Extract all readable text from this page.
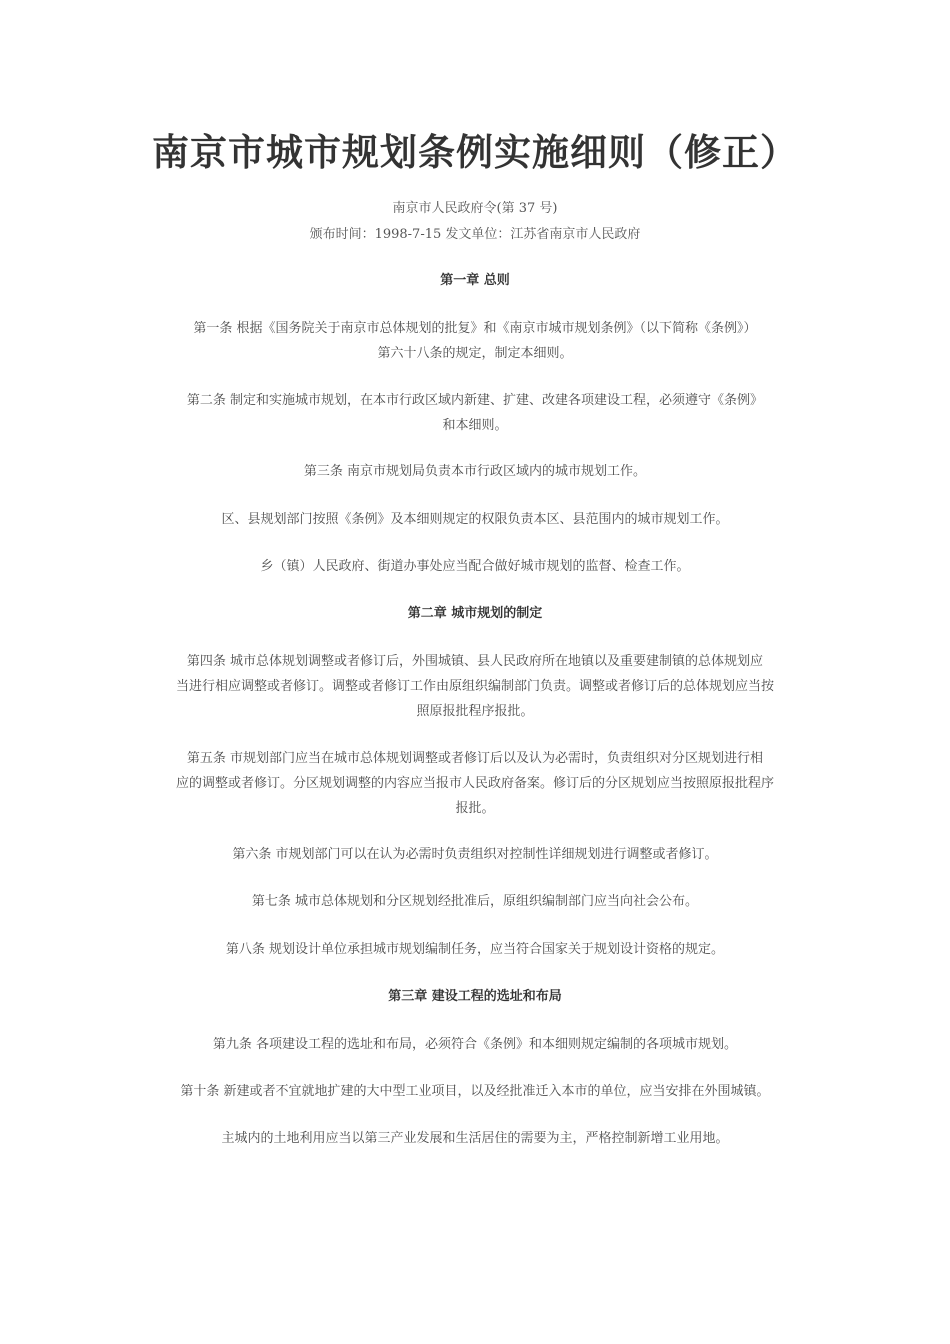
南京市城市规划条例实施细则（修正）
南京市人民政府令(第 37 号)
颁布时间：1998-7-15 发文单位：江苏省南京市人民政府
第一章 总则
第一条 根据《国务院关于南京市总体规划的批复》和《南京市城市规划条例》（以下简称《条例》）
第六十八条的规定，制定本细则。
第二条 制定和实施城市规划，在本市行政区域内新建、扩建、改建各项建设工程，必须遵守《条例》
和本细则。
第三条 南京市规划局负责本市行政区域内的城市规划工作。
区、县规划部门按照《条例》及本细则规定的权限负责本区、县范围内的城市规划工作。
乡（镇）人民政府、街道办事处应当配合做好城市规划的监督、检查工作。
第二章 城市规划的制定
第四条 城市总体规划调整或者修订后，外围城镇、县人民政府所在地镇以及重要建制镇的总体规划应
当进行相应调整或者修订。调整或者修订工作由原组织编制部门负责。调整或者修订后的总体规划应当按
照原报批程序报批。
第五条 市规划部门应当在城市总体规划调整或者修订后以及认为必需时，负责组织对分区规划进行相
应的调整或者修订。分区规划调整的内容应当报市人民政府备案。修订后的分区规划应当按照原报批程序
报批。
第六条 市规划部门可以在认为必需时负责组织对控制性详细规划进行调整或者修订。
第七条 城市总体规划和分区规划经批准后，原组织编制部门应当向社会公布。
第八条 规划设计单位承担城市规划编制任务，应当符合国家关于规划设计资格的规定。
第三章 建设工程的选址和布局
第九条 各项建设工程的选址和布局，必须符合《条例》和本细则规定编制的各项城市规划。
第十条 新建或者不宜就地扩建的大中型工业项目，以及经批准迁入本市的单位，应当安排在外围城镇。
主城内的土地利用应当以第三产业发展和生活居住的需要为主，严格控制新增工业用地。
